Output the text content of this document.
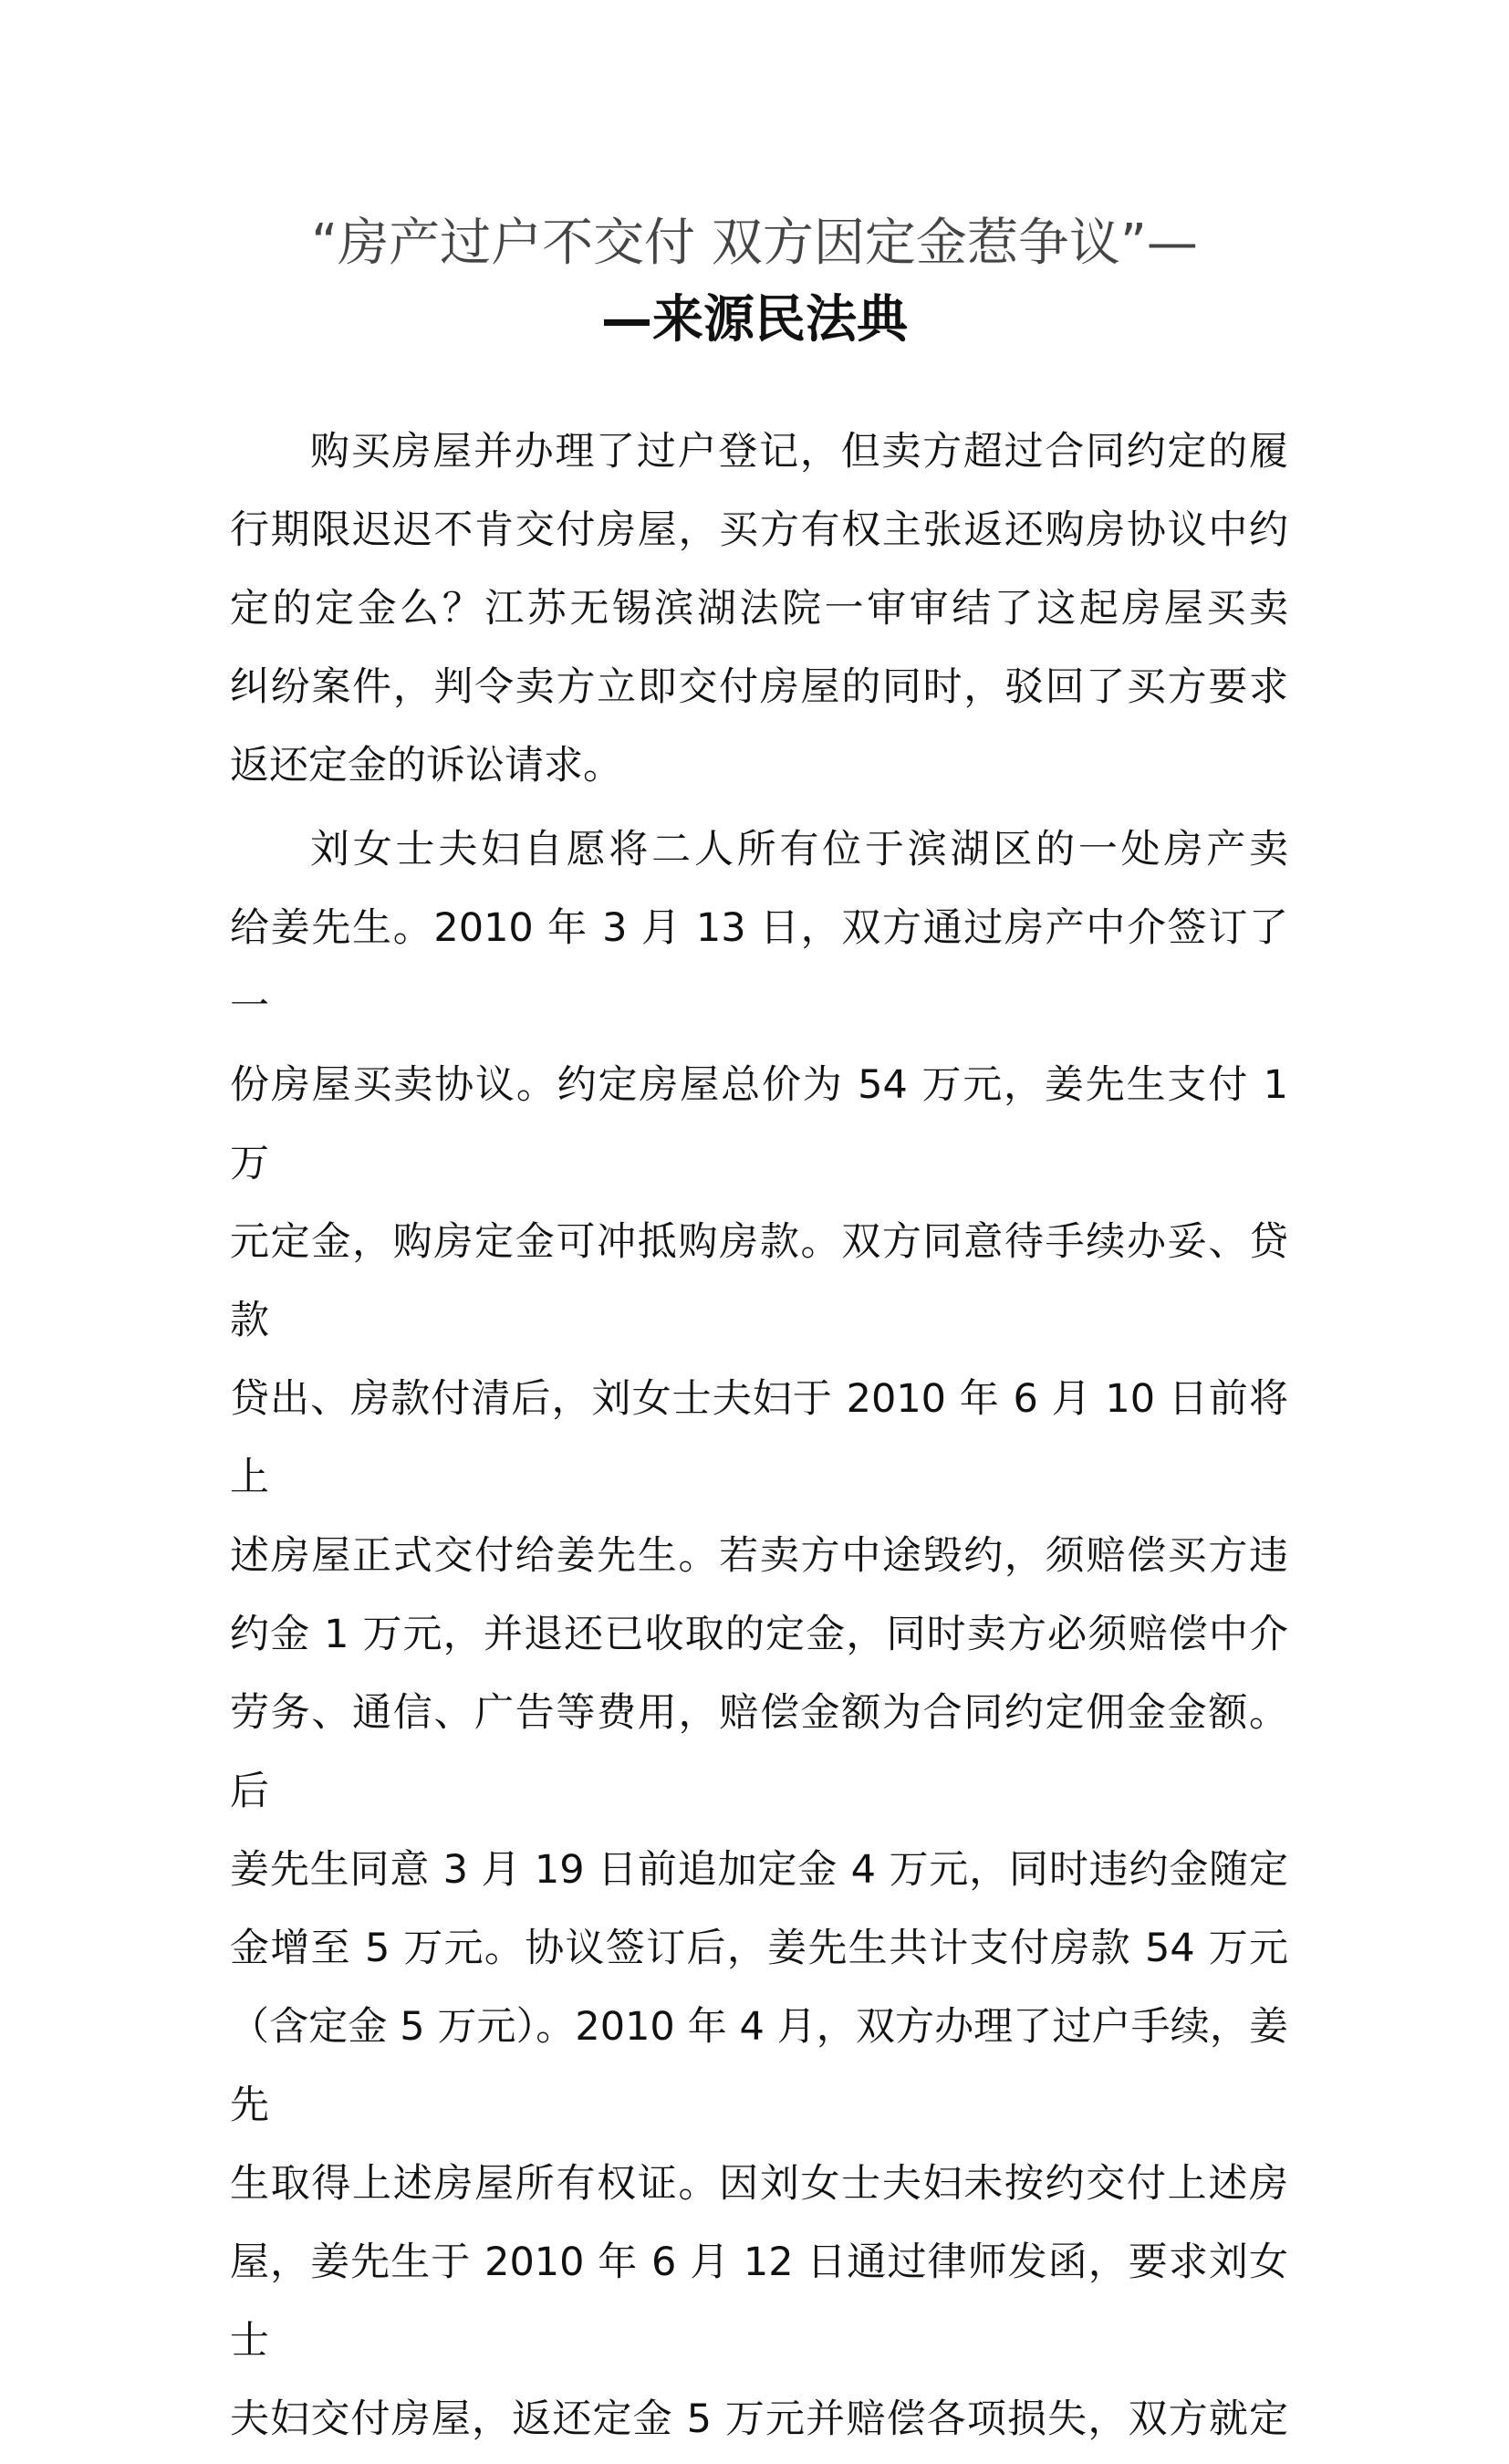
“房产过户不交付 双方因定金惹争议”—
—来源民法典
购买房屋并办理了过户登记，但卖方超过合同约定的履
行期限迟迟不肯交付房屋，买方有权主张返还购房协议中约
定的定金么？江苏无锡滨湖法院一审审结了这起房屋买卖
纠纷案件，判令卖方立即交付房屋的同时，驳回了买方要求
返还定金的诉讼请求。
刘女士夫妇自愿将二人所有位于滨湖区的一处房产卖
给姜先生。2010 年 3 月 13 日，双方通过房产中介签订了一
份房屋买卖协议。约定房屋总价为 54 万元，姜先生支付 1 万
元定金，购房定金可冲抵购房款。双方同意待手续办妥、贷款
贷出、房款付清后，刘女士夫妇于 2010 年 6 月 10 日前将上
述房屋正式交付给姜先生。若卖方中途毁约，须赔偿买方违
约金 1 万元，并退还已收取的定金，同时卖方必须赔偿中介
劳务、通信、广告等费用，赔偿金额为合同约定佣金金额。后
姜先生同意 3 月 19 日前追加定金 4 万元，同时违约金随定
金增至 5 万元。协议签订后，姜先生共计支付房款 54 万元
（含定金 5 万元）。2010 年 4 月，双方办理了过户手续，姜先
生取得上述房屋所有权证。因刘女士夫妇未按约交付上述房
屋，姜先生于 2010 年 6 月 12 日通过律师发函，要求刘女士
夫妇交付房屋，返还定金 5 万元并赔偿各项损失，双方就定
